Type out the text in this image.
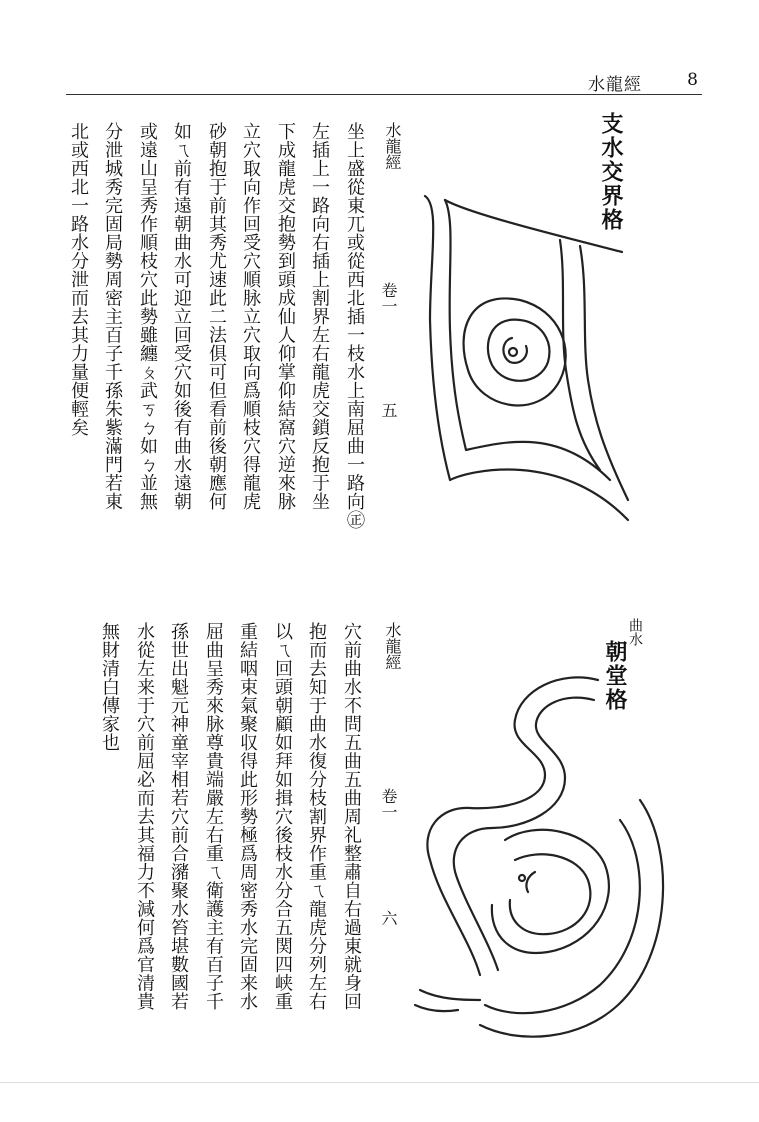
水龍經	8
支水交界格
水龍經
卷一
五
坐上盛從東兀或從西北插一枝水上南屈曲一路向㊣
左插上一路向右插上割界左右龍虎交鎖反抱于坐
下成龍虎交抱勢到頭成仙人仰掌仰結窩穴逆來脉
立穴取向作回受穴順脉立穴取向爲順枝穴得龍虎
砂朝抱于前其秀尤速此二法俱可但看前後朝應何
如ㄟ前有遠朝曲水可迎立回受穴如後有曲水遠朝
或遠山呈秀作順枝穴此勢雖纏ㄆ武ㄎㄅ如ㄅ並無
分泄城秀完固局勢周密主百子千孫朱紫滿門若東
北或西北一路水分泄而去其力量便輕矣
曲水
朝堂格
水龍經
卷一
六
穴前曲水不問五曲五曲周礼整肅自右過東就身回
抱而去知于曲水復分枝割界作重ㄟ龍虎分列左右
以ㄟ回頭朝顧如拜如揖穴後枝水分合五関四峡重
重結咽束氣聚収得此形勢極爲周密秀水完固来水
屈曲呈秀來脉尊貴端嚴左右重ㄟ衛護主有百子千
孫世出魁元神童宰相若穴前合瀦聚水笞堪數國若
水從左来于穴前屈必而去其福力不減何爲官清貴
無財清白傳家也
